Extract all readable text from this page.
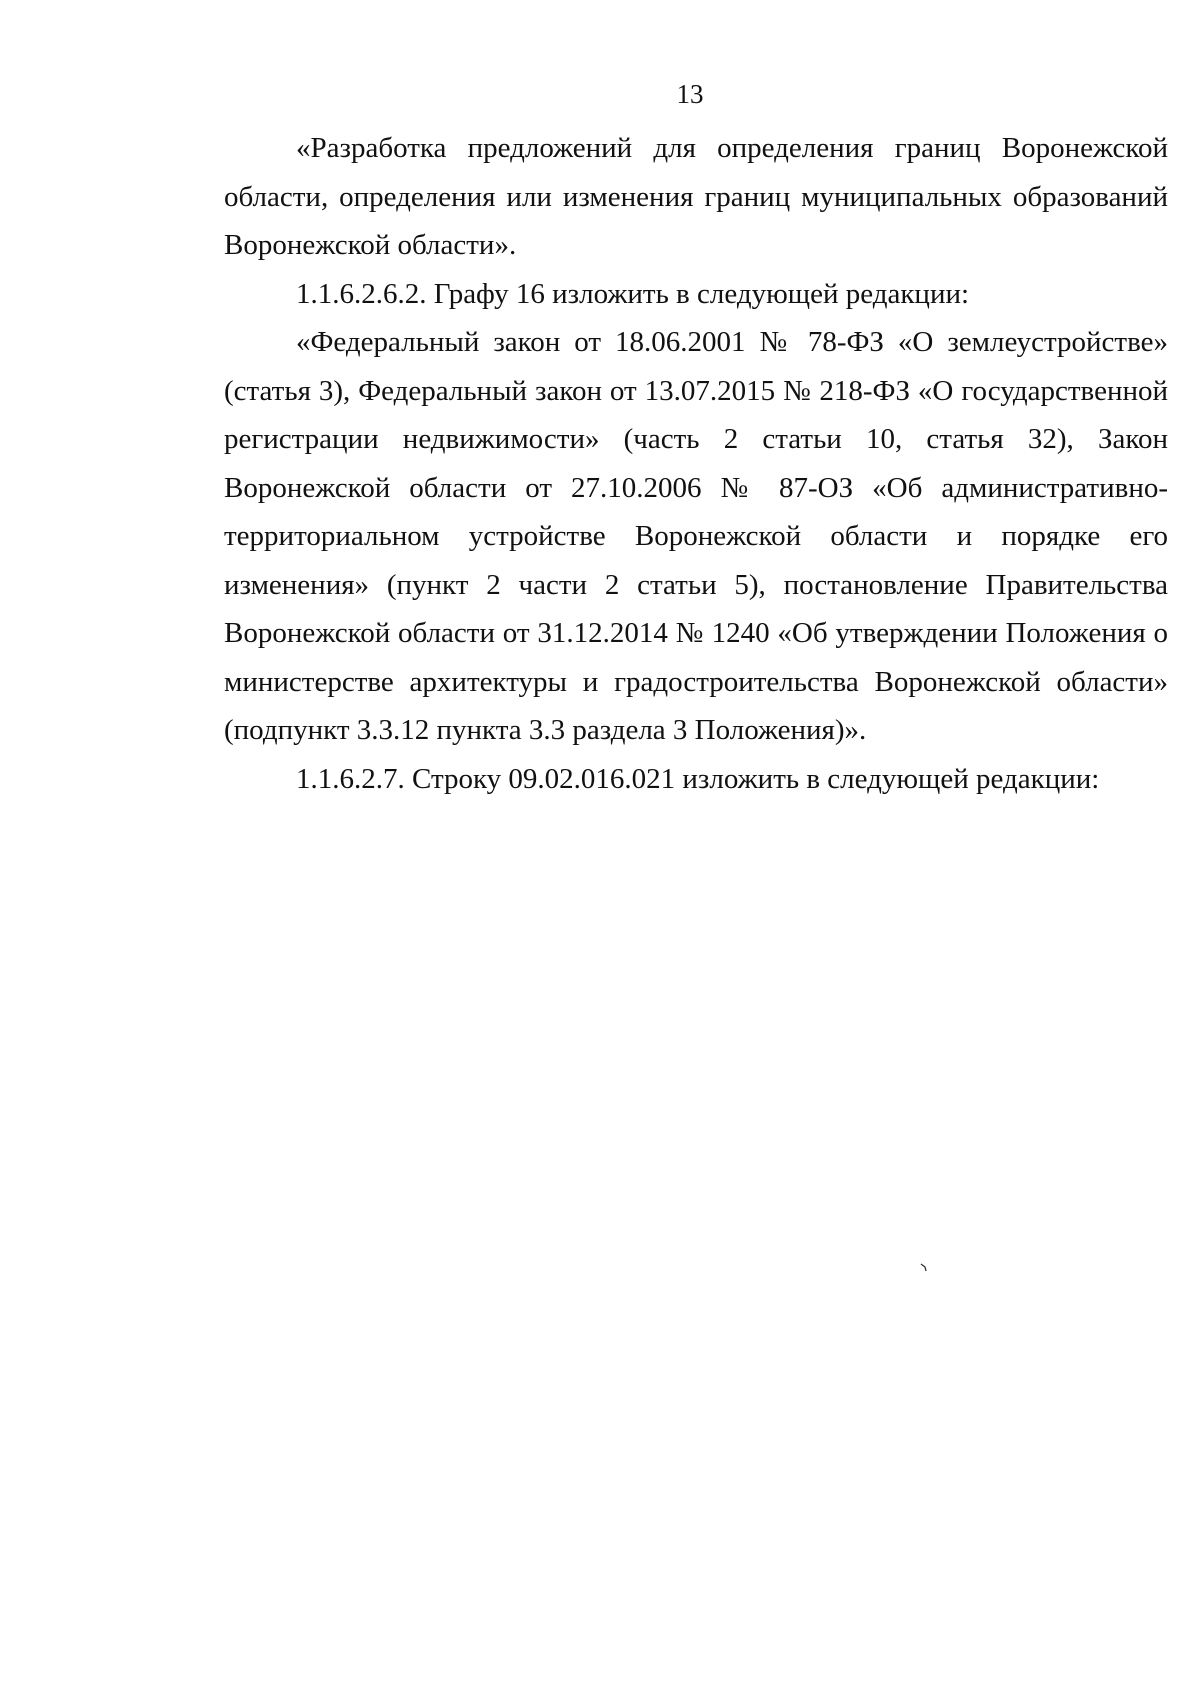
13
«Разработка предложений для определения границ Воронежской
области, определения или изменения границ муниципальных образований
Воронежской области».
1.1.6.2.6.2. Графу 16 изложить в следующей редакции:
«Федеральный закон от 18.06.2001 № 78-ФЗ «О землеустройстве»
(статья 3), Федеральный закон от 13.07.2015 № 218-ФЗ «О государственной
регистрации недвижимости» (часть 2 статьи 10, статья 32), Закон
Воронежской области от 27.10.2006 № 87-ОЗ «Об административно-
территориальном устройстве Воронежской области и порядке его
изменения» (пункт 2 части 2 статьи 5), постановление Правительства
Воронежской области от 31.12.2014 № 1240 «Об утверждении Положения о
министерстве архитектуры и градостроительства Воронежской области»
(подпункт 3.3.12 пункта 3.3 раздела 3 Положения)».
1.1.6.2.7. Строку 09.02.016.021 изложить в следующей редакции:
